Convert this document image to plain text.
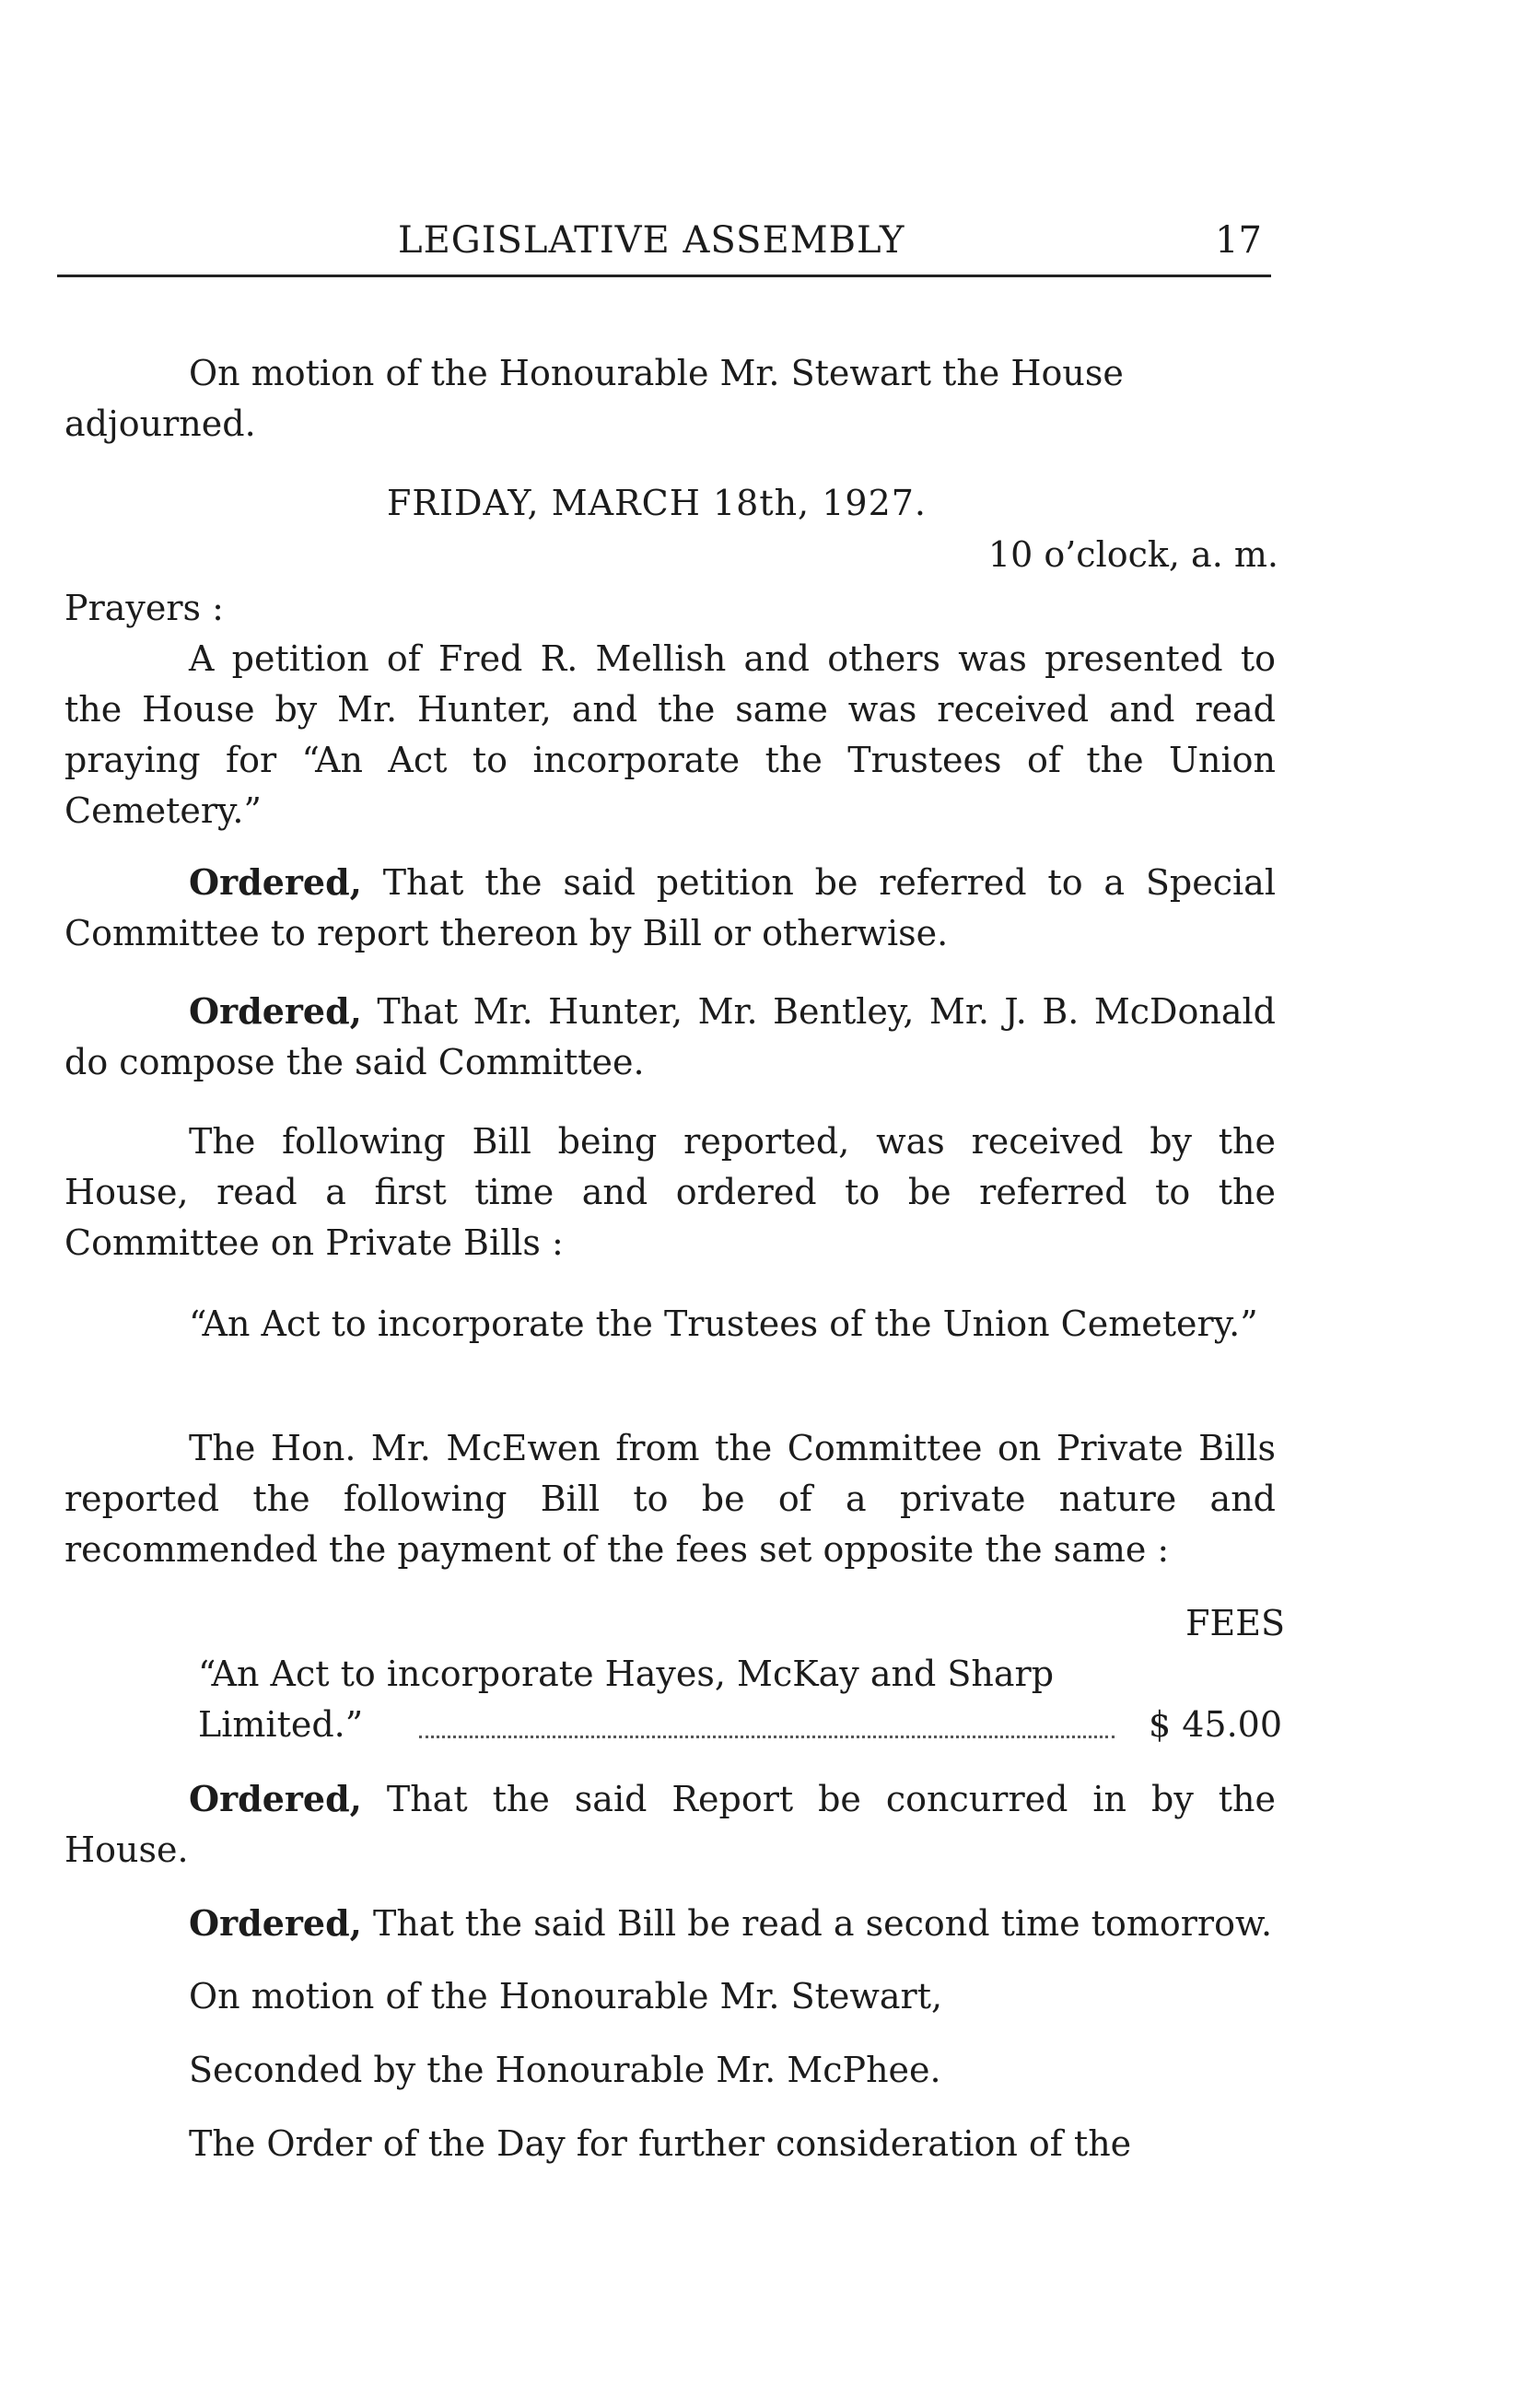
LEGISLATIVE ASSEMBLY	17

On motion of the Honourable Mr. Stewart the House

adjourned.

FRIDAY, MARCH 18th, 1927.
10 o’clock, a. m.

Prayers :

A petition of Fred R. Mellish and others was presented to the House by Mr. Hunter, and the same was received and read praying for “An Act to incorporate the Trustees of the Union Cemetery.”

Ordered, That the said petition be referred to a Special Committee to report thereon by Bill or otherwise.

Ordered, That Mr. Hunter, Mr. Bentley, Mr. J. B. McDonald do compose the said Committee.

The following Bill being reported, was received by the House, read a first time and ordered to be referred to the Committee on Private Bills :

“An Act to incorporate the Trustees of the Union Cemetery.”

The Hon. Mr. McEwen from the Committee on Private Bills reported the following Bill to be of a private nature and recommended the payment of the fees set opposite the same :

FEES
“An Act to incorporate Hayes, McKay and Sharp
Limited.”	$ 45.00

Ordered, That the said Report be concurred in by the House.

Ordered, That the said Bill be read a second time tomorrow.

On motion of the Honourable Mr. Stewart,

Seconded by the Honourable Mr. McPhee.

The Order of the Day for further consideration of the
